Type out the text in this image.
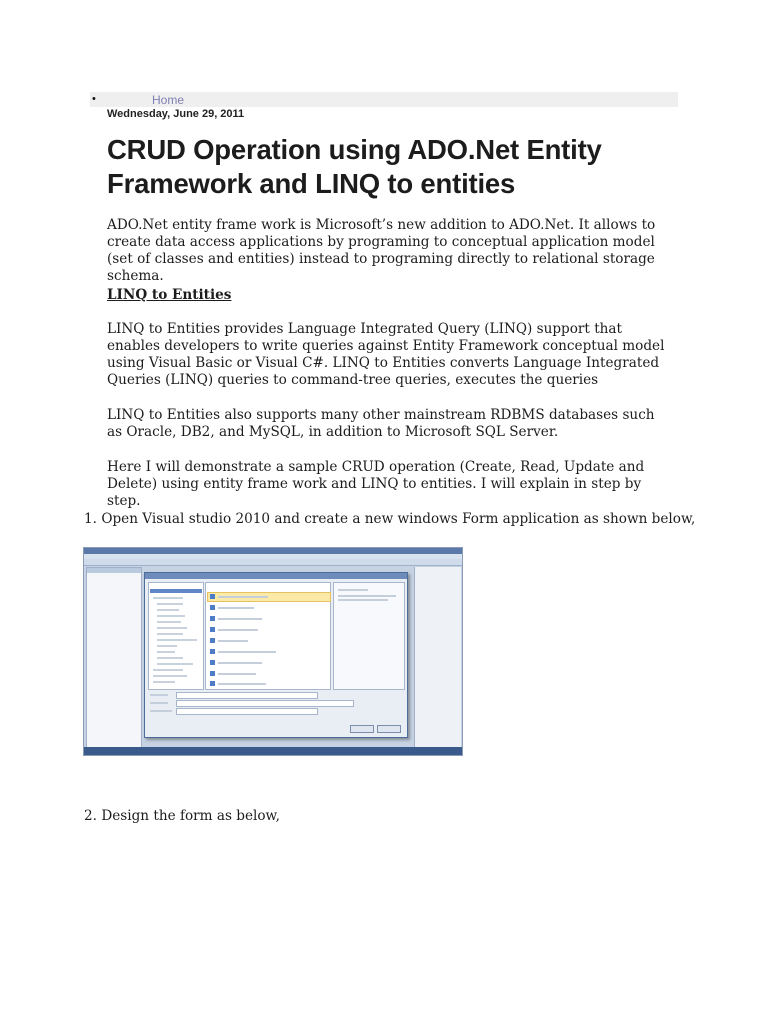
•	Home
Wednesday, June 29, 2011
CRUD Operation using ADO.Net Entity Framework and LINQ to entities

ADO.Net entity frame work is Microsoft’s new addition to ADO.Net. It allows to create data access applications by programing to conceptual application model (set of classes and entities) instead to programing directly to relational storage schema.

LINQ to Entities

LINQ to Entities provides Language Integrated Query (LINQ) support that enables developers to write queries against Entity Framework conceptual model using Visual Basic or Visual C#. LINQ to Entities converts Language Integrated Queries (LINQ) queries to command-tree queries, executes the queries

LINQ to Entities also supports many other mainstream RDBMS databases such as Oracle, DB2, and MySQL, in addition to Microsoft SQL Server.

Here I will demonstrate a sample CRUD operation (Create, Read, Update and Delete) using entity frame work and LINQ to entities. I will explain in step by step.

1. Open Visual studio 2010 and create a new windows Form application as shown below,

2. Design the form as below,
